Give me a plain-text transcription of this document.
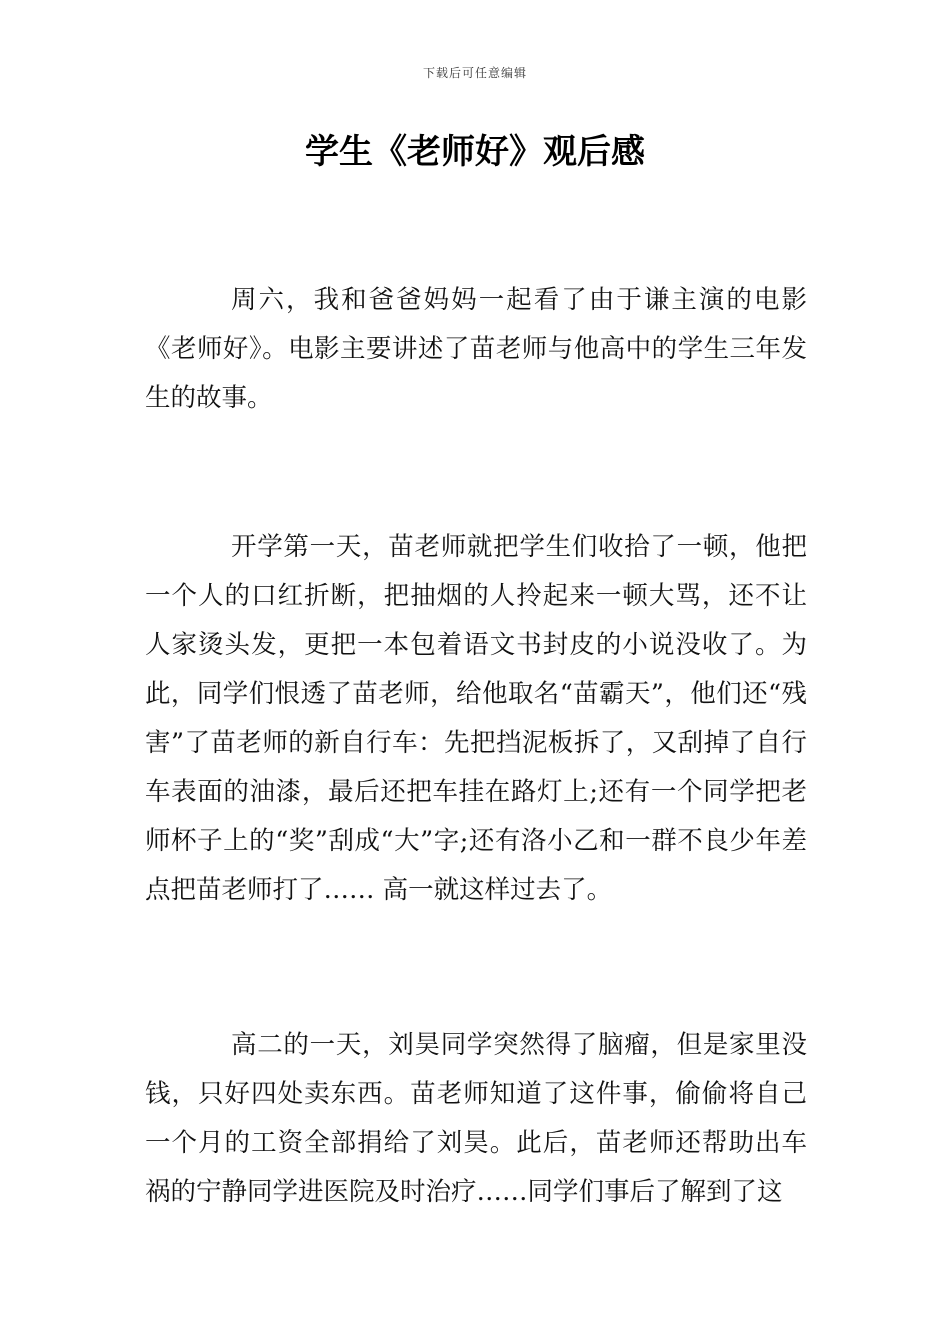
下载后可任意编辑
学生《老师好》观后感

周六，我和爸爸妈妈一起看了由于谦主演的电影《老师好》。电影主要讲述了苗老师与他高中的学生三年发生的故事。

开学第一天，苗老师就把学生们收拾了一顿，他把一个人的口红折断，把抽烟的人拎起来一顿大骂，还不让人家烫头发，更把一本包着语文书封皮的小说没收了。为此，同学们恨透了苗老师，给他取名“苗霸天”，他们还“残害”了苗老师的新自行车：先把挡泥板拆了，又刮掉了自行车表面的油漆，最后还把车挂在路灯上;还有一个同学把老师杯子上的“奖”刮成“大”字;还有洛小乙和一群不良少年差点把苗老师打了…… 高一就这样过去了。

高二的一天，刘昊同学突然得了脑瘤，但是家里没钱，只好四处卖东西。苗老师知道了这件事，偷偷将自己一个月的工资全部捐给了刘昊。此后，苗老师还帮助出车祸的宁静同学进医院及时治疗……同学们事后了解到了这
